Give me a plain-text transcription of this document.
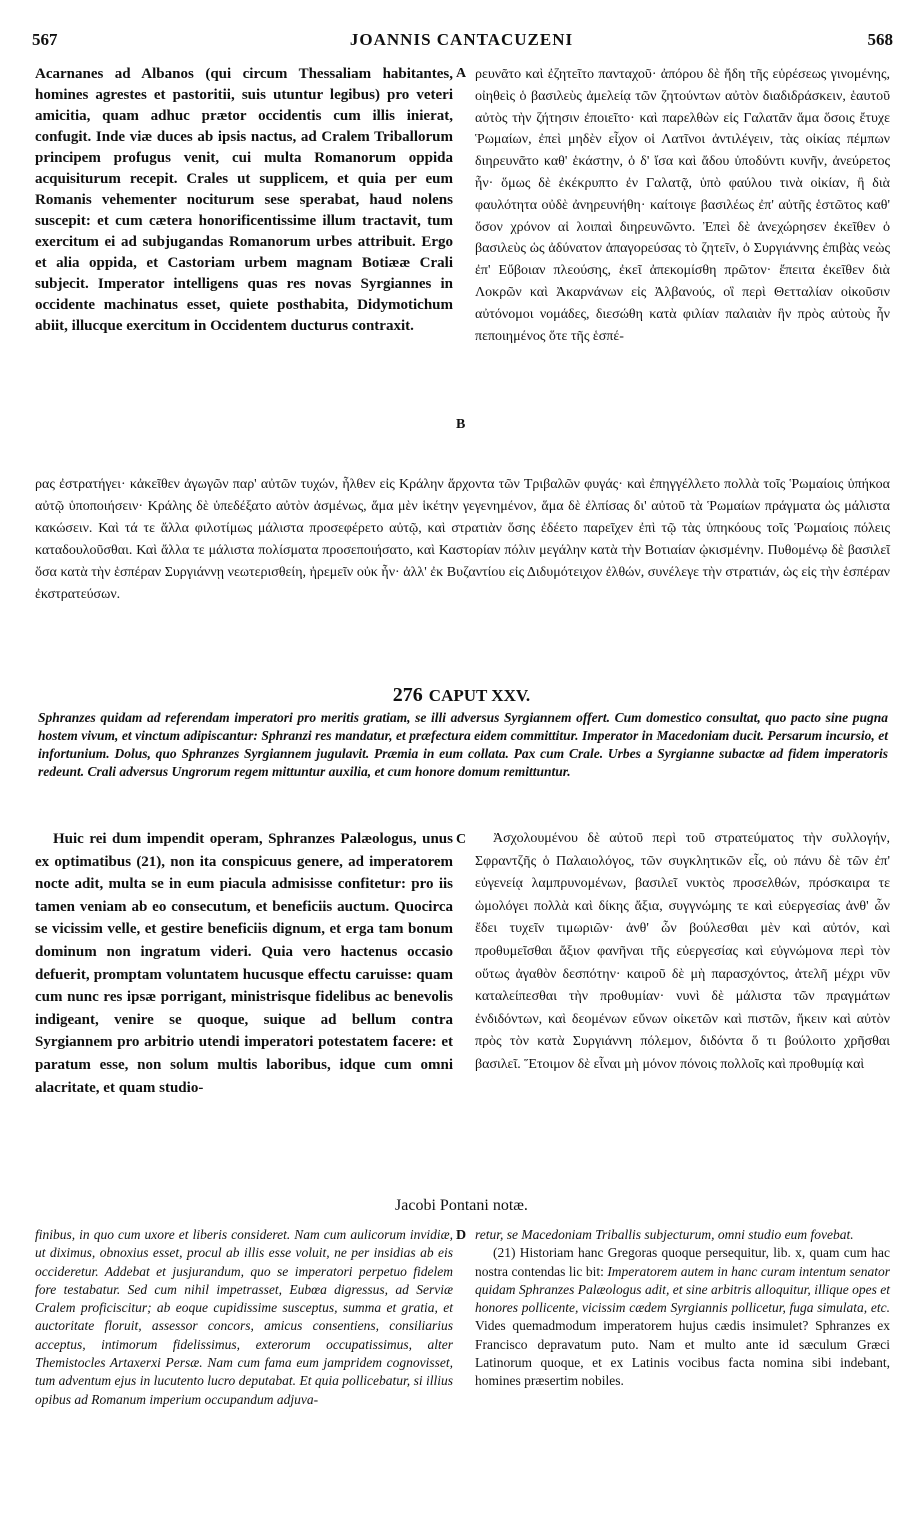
567	JOANNIS CANTACUZENI	568

Acarnanes ad Albanos (qui circum Thessaliam habitantes, homines agrestes et pastoritii, suis utuntur legibus) pro veteri amicitia, quam adhuc prætor occidentis cum illis inierat, confugit. Inde viæ duces ab ipsis nactus, ad Cralem Triballorum principem profugus venit, cui multa Romanorum oppida acquisiturum recepit. Crales ut supplicem, et quia per eum Romanis vehementer nociturum sese sperabat, haud nolens suscepit: et cum cætera honorificentissime illum tractavit, tum exercitum ei ad subjugandas Romanorum urbes attribuit. Ergo et alia oppida, et Castoriam urbem magnam Botiææ Crali subjecit. Imperator intelligens quas res novas Syrgiannes in occidente machinatus esset, quiete posthabita, Didymotichum abiit, illucque exercitum in Occidentem ducturus contraxit.

A
B

ρευνᾶτο καὶ ἐζητεῖτο πανταχοῦ· ἀπόρου δὲ ἤδη τῆς εὑρέσεως γινομένης, οἰηθεὶς ὁ βασιλεὺς ἀμελείᾳ τῶν ζητούντων αὐτὸν διαδιδράσκειν, ἑαυτοῦ αὐτὸς τὴν ζήτησιν ἐποιεῖτο· καὶ παρελθὼν εἰς Γαλατᾶν ἅμα ὅσοις ἔτυχε Ῥωμαίων, ἐπεὶ μηδὲν εἶχον οἱ Λατῖνοι ἀντιλέγειν, τὰς οἰκίας πέμπων διηρευνᾶτο καθ' ἑκάστην, ὁ δ' ἴσα καὶ ἄδου ὑποδύντι κυνῆν, ἀνεύρετος ἦν· ὅμως δὲ ἐκέκρυπτο ἐν Γαλατᾷ, ὑπὸ φαύλου τινὰ οἰκίαν, ἢ διὰ φαυλότητα οὐδὲ ἀνηρευνήθη· καίτοιγε βασιλέως ἐπ' αὐτῆς ἑστῶτος καθ' ὅσον χρόνον αἱ λοιπαὶ διηρευνῶντο. Ἐπεὶ δὲ ἀνεχώρησεν ἐκεῖθεν ὁ βασιλεὺς ὡς ἀδύνατον ἀπαγορεύσας τὸ ζητεῖν, ὁ Συργιάννης ἐπιβὰς νεὼς ἐπ' Εὔβοιαν πλεούσης, ἐκεῖ ἀπεκομίσθη πρῶτον· ἔπειτα ἐκεῖθεν διὰ Λοκρῶν καὶ Ἀκαρνάνων εἰς Ἀλβανούς, οἳ περὶ Θετταλίαν οἰκοῦσιν αὐτόνομοι νομάδες, διεσώθη κατὰ φιλίαν παλαιὰν ἣν πρὸς αὐτοὺς ἦν πεποιημένος ὅτε τῆς ἑσπέ-

ρας ἐστρατήγει· κἀκεῖθεν ἀγωγῶν παρ' αὐτῶν τυχών, ἦλθεν εἰς Κράλην ἄρχοντα τῶν Τριβαλῶν φυγάς· καὶ ἐπηγγέλλετο πολλὰ τοῖς Ῥωμαίοις ὑπήκοα αὐτῷ ὑποποιήσειν· Κράλης δὲ ὑπεδέξατο αὐτὸν ἀσμένως, ἅμα μὲν ἱκέτην γεγενημένον, ἅμα δὲ ἐλπίσας δι' αὐτοῦ τὰ Ῥωμαίων πράγματα ὡς μάλιστα κακώσειν. Καὶ τά τε ἄλλα φιλοτίμως μάλιστα προσεφέρετο αὐτῷ, καὶ στρατιὰν ὅσης ἐδέετο παρεῖχεν ἐπὶ τῷ τὰς ὑπηκόους τοῖς Ῥωμαίοις πόλεις καταδουλοῦσθαι. Καὶ ἄλλα τε μάλιστα πολίσματα προσεποιήσατο, καὶ Καστορίαν πόλιν μεγάλην κατὰ τὴν Βοτιαίαν ᾠκισμένην. Πυθομένῳ δὲ βασιλεῖ ὅσα κατὰ τὴν ἑσπέραν Συργιάννῃ νεωτερισθείη, ἠρεμεῖν οὐκ ἦν· ἀλλ' ἐκ Βυζαντίου εἰς Διδυμότειχον ἐλθών, συνέλεγε τὴν στρατιάν, ὡς εἰς τὴν ἑσπέραν ἐκστρατεύσων.

276 CAPUT XXV.
Sphranzes quidam ad referendam imperatori pro meritis gratiam, se illi adversus Syrgiannem offert. Cum domestico consultat, quo pacto sine pugna hostem vivum, et vinctum adipiscantur: Sphranzi res mandatur, et præfectura eidem committitur. Imperator in Macedoniam ducit. Persarum incursio, et infortunium. Dolus, quo Sphranzes Syrgiannem jugulavit. Præmia in eum collata. Pax cum Crale. Urbes a Syrgianne subactæ ad fidem imperatoris redeunt. Crali adversus Ungrorum regem mittuntur auxilia, et cum honore domum remittuntur.

Huic rei dum impendit operam, Sphranzes Palæologus, unus ex optimatibus (21), non ita conspicuus genere, ad imperatorem nocte adit, multa se in eum piacula admisisse confitetur: pro iis tamen veniam ab eo consecutum, et beneficiis auctum. Quocirca se vicissim velle, et gestire beneficiis dignum, et erga tam bonum dominum non ingratum videri. Quia vero hactenus occasio defuerit, promptam voluntatem hucusque effectu caruisse: quam cum nunc res ipsæ porrigant, ministrisque fidelibus ac benevolis indigeant, venire se quoque, suique ad bellum contra Syrgiannem pro arbitrio utendi imperatori potestatem facere: et paratum esse, non solum multis laboribus, idque cum omni alacritate, et quam studio-

C	Ἀσχολουμένου δὲ αὐτοῦ περὶ τοῦ στρατεύματος τὴν συλλογήν, Σφραντζῆς ὁ Παλαιολόγος, τῶν συγκλητικῶν εἷς, οὐ πάνυ δὲ τῶν ἐπ' εὐγενείᾳ λαμπρυνομένων, βασιλεῖ νυκτὸς προσελθών, πρόσκαιρα τε ὡμολόγει πολλὰ καὶ δίκης ἄξια, συγγνώμης τε καὶ εὐεργεσίας ἀνθ' ὧν ἔδει τυχεῖν τιμωριῶν· ἀνθ' ὧν βούλεσθαι μὲν καὶ αὐτόν, καὶ προθυμεῖσθαι ἄξιον φανῆναι τῆς εὐεργεσίας καὶ εὐγνώμονα περὶ τὸν οὕτως ἀγαθὸν δεσπότην· καιροῦ δὲ μὴ παρασχόντος, ἀτελῆ μέχρι νῦν καταλείπεσθαι τὴν προθυμίαν· νυνὶ δὲ μάλιστα τῶν πραγμάτων ἐνδιδόντων, καὶ δεομένων εὔνων οἰκετῶν καὶ πιστῶν, ἥκειν καὶ αὐτὸν πρὸς τὸν κατὰ Συργιάννη πόλεμον, διδόντα ὅ τι βούλοιτο χρῆσθαι βασιλεῖ. Ἕτοιμον δὲ εἶναι μὴ μόνον πόνοις πολλοῖς καὶ προθυμίᾳ καὶ

Jacobi Pontani notæ.

finibus, in quo cum uxore et liberis consideret. Nam cum aulicorum invidiæ, ut diximus, obnoxius esset, procul ab illis esse voluit, ne per insidias ab eis occideretur. Addebat et jusjurandum, quo se imperatori perpetuo fidelem fore testabatur. Sed cum nihil impetrasset, Eubœa digressus, ad Serviæ Cralem proficiscitur; ab eoque cupidissime susceptus, summa et gratia, et auctoritate floruit, assessor concors, amicus consentiens, consiliarius acceptus, intimorum fidelissimus, exterorum occupatissimus, alter Themistocles Artaxerxi Persæ. Nam cum fama eum jampridem cognovisset, tum adventum ejus in lucutento lucro deputabat. Et quia pollicebatur, si illius opibus ad Romanum imperium occupandum adjuva-

D retur, se Macedoniam Triballis subjecturum, omni studio eum fovebat.

(21) Historiam hanc Gregoras quoque persequitur, lib. x, quam cum hac nostra contendas lic bit: Imperatorem autem in hanc curam intentum senator quidam Sphranzes Palæologus adit, et sine arbitris alloquitur, illique opes et honores pollicente, vicissim cædem Syrgiannis pollicetur, fuga simulata, etc. Vides quemadmodum imperatorem hujus cædis insimulet? Sphranzes ex Francisco depravatum puto. Nam et multo ante id sæculum Græci Latinorum quoque, et ex Latinis vocibus facta nomina sibi indebant, homines præsertim nobiles.
